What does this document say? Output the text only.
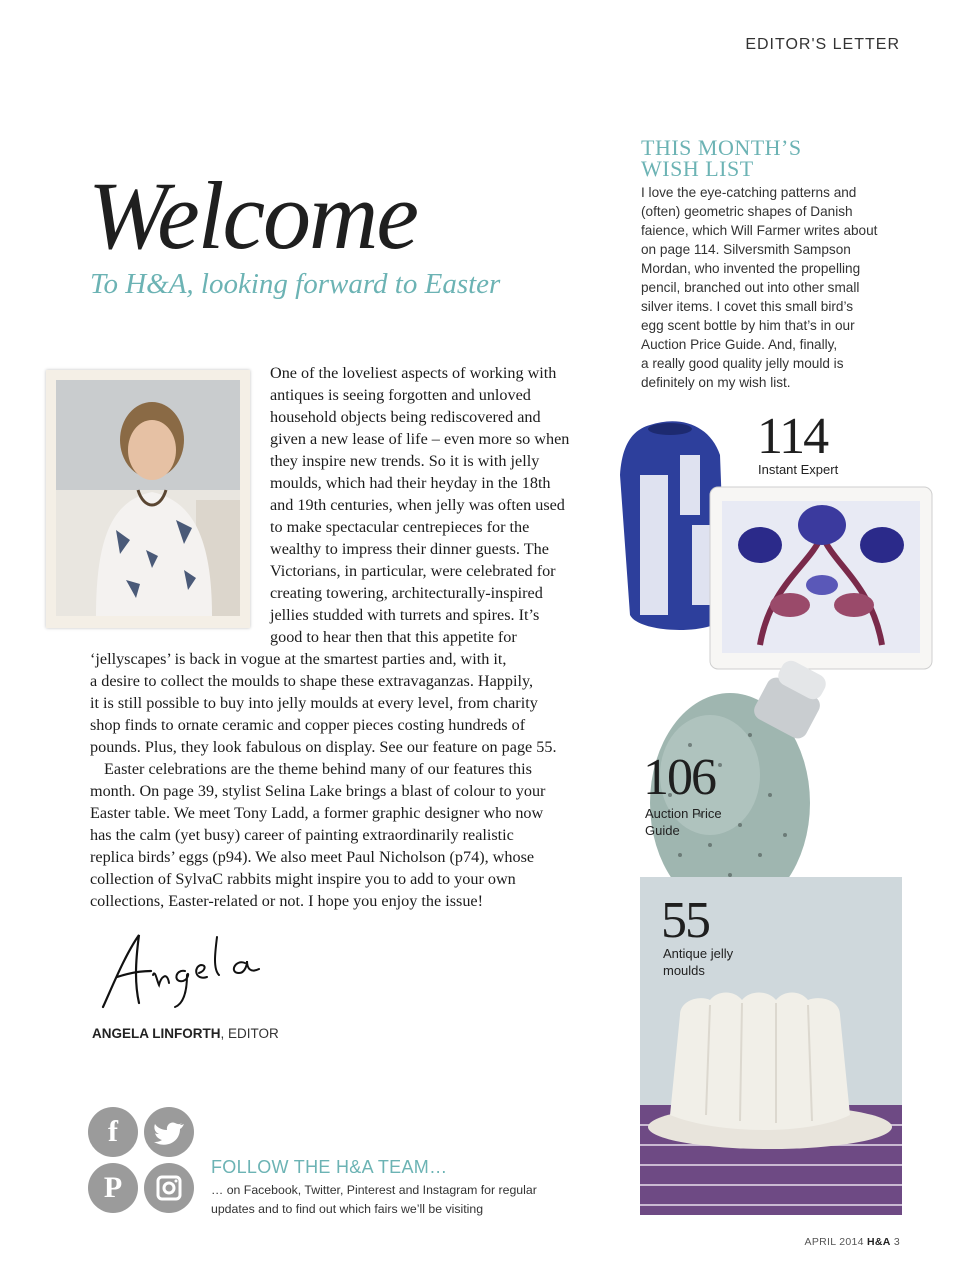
EDITOR'S LETTER
Welcome
To H&A, looking forward to Easter
One of the loveliest aspects of working with
antiques is seeing forgotten and unloved
household objects being rediscovered and
given a new lease of life – even more so when
they inspire new trends. So it is with jelly
moulds, which had their heyday in the 18th
and 19th centuries, when jelly was often used
to make spectacular centrepieces for the
wealthy to impress their dinner guests. The
Victorians, in particular, were celebrated for
creating towering, architecturally-inspired
jellies studded with turrets and spires. It’s
good to hear then that this appetite for
‘jellyscapes’ is back in vogue at the smartest parties and, with it,
a desire to collect the moulds to shape these extravaganzas. Happily,
it is still possible to buy into jelly moulds at every level, from charity
shop finds to ornate ceramic and copper pieces costing hundreds of
pounds. Plus, they look fabulous on display. See our feature on page 55.
Easter celebrations are the theme behind many of our features this
month. On page 39, stylist Selina Lake brings a blast of colour to your
Easter table. We meet Tony Ladd, a former graphic designer who now
has the calm (yet busy) career of painting extraordinarily realistic
replica birds’ eggs (p94). We also meet Paul Nicholson (p74), whose
collection of SylvaC rabbits might inspire you to add to your own
collections, Easter-related or not. I hope you enjoy the issue!
ANGELA LINFORTH, EDITOR
THIS MONTH’S
WISH LIST
I love the eye-catching patterns and
(often) geometric shapes of Danish
faience, which Will Farmer writes about
on page 114. Silversmith Sampson
Mordan, who invented the propelling
pencil, branched out into other small
silver items. I covet this small bird’s
egg scent bottle by him that’s in our
Auction Price Guide. And, finally,
a really good quality jelly mould is
definitely on my wish list.
114
Instant Expert
106
Auction Price
Guide
55
Antique jelly
moulds
f
P
FOLLOW THE H&A TEAM…
… on Facebook, Twitter, Pinterest and Instagram for regular
updates and to find out which fairs we’ll be visiting
APRIL 2014 H&A 3
